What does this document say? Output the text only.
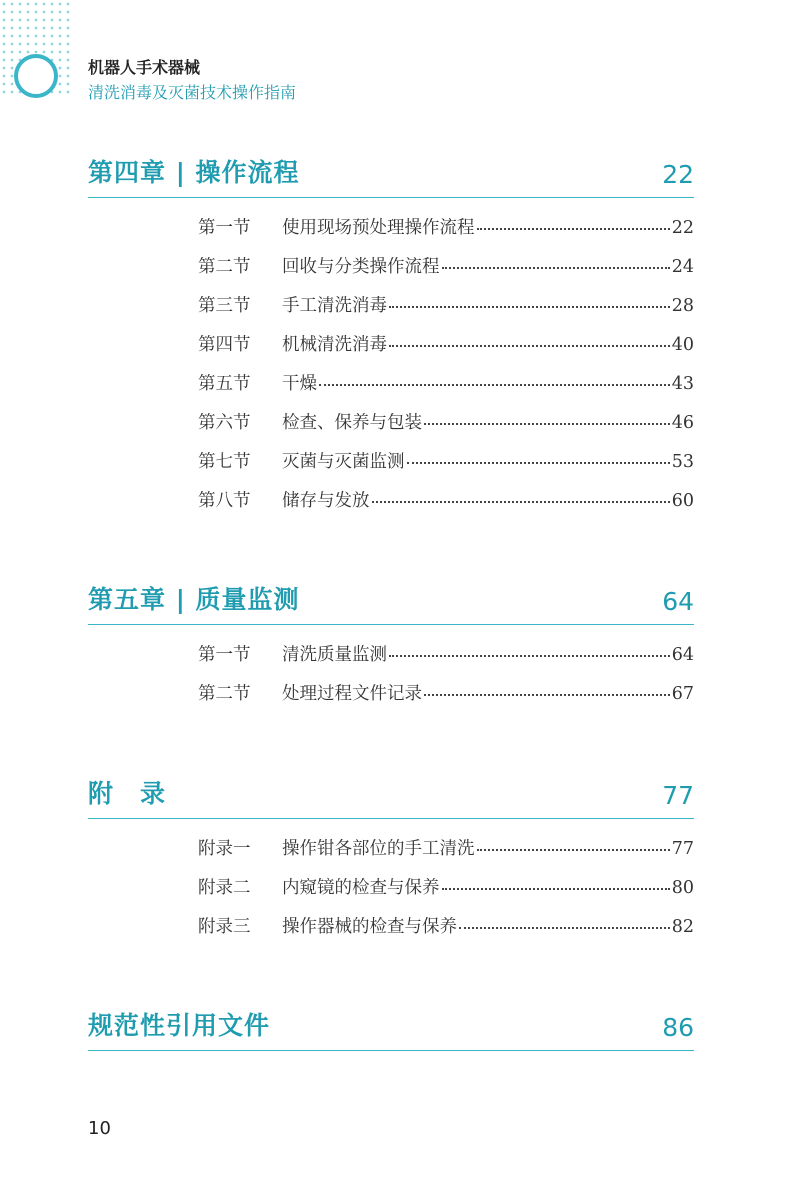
机器人手术器械
清洗消毒及灭菌技术操作指南
第四章 | 操作流程	22
第一节	使用现场预处理操作流程	22
第二节	回收与分类操作流程	24
第三节	手工清洗消毒	28
第四节	机械清洗消毒	40
第五节	干燥	43
第六节	检查、保养与包装	46
第七节	灭菌与灭菌监测	53
第八节	储存与发放	60
第五章 | 质量监测	64
第一节	清洗质量监测	64
第二节	处理过程文件记录	67
附　录	77
附录一	操作钳各部位的手工清洗	77
附录二	内窥镜的检查与保养	80
附录三	操作器械的检查与保养	82
规范性引用文件	86
10
